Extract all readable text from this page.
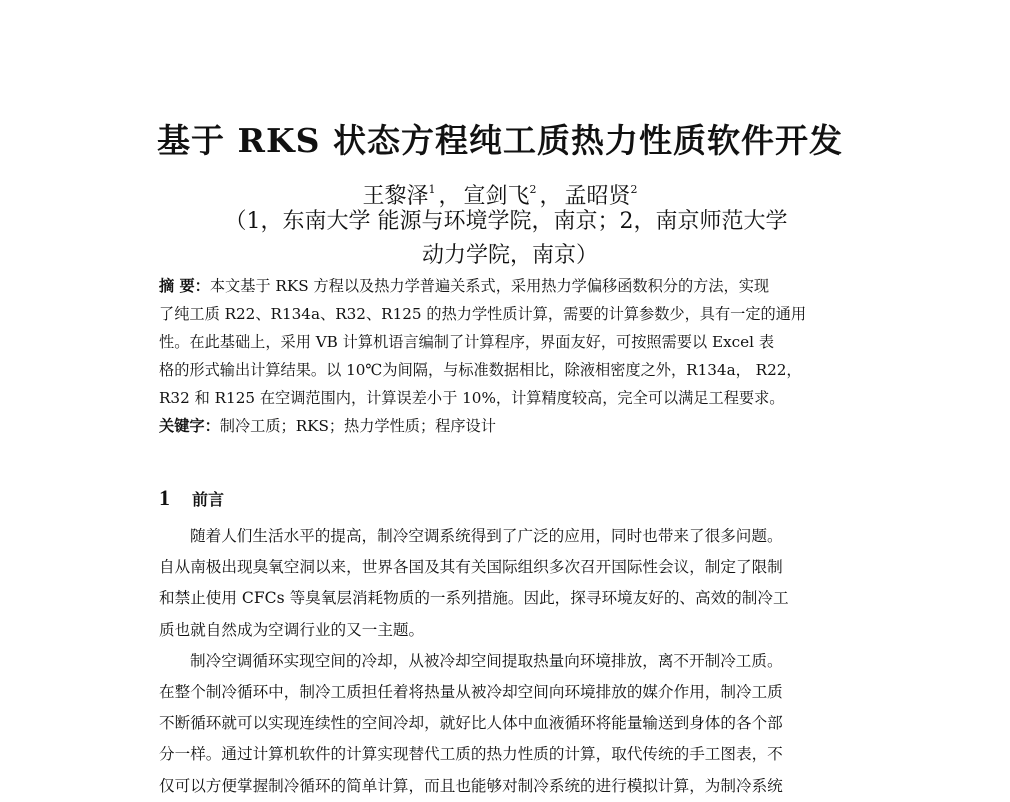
基于 RKS 状态方程纯工质热力性质软件开发
王黎泽$^1$ ， 宣剑飞$^2$ ， 孟昭贤$^2$
（1，东南大学 能源与环境学院，南京；2，南京师范大学
动力学院，南京）
摘 要：本文基于 RKS 方程以及热力学普遍关系式，采用热力学偏移函数积分的方法，实现
了纯工质 R22、R134a、R32、R125 的热力学性质计算，需要的计算参数少，具有一定的通用
性。在此基础上，采用 VB 计算机语言编制了计算程序，界面友好，可按照需要以 Excel 表
格的形式输出计算结果。以 10℃为间隔，与标准数据相比，除液相密度之外，R134a， R22，
R32 和 R125 在空调范围内，计算误差小于 10%，计算精度较高，完全可以满足工程要求。
关键字：制冷工质；RKS；热力学性质；程序设计
1 前言
随着人们生活水平的提高，制冷空调系统得到了广泛的应用，同时也带来了很多问题。
自从南极出现臭氧空洞以来，世界各国及其有关国际组织多次召开国际性会议，制定了限制
和禁止使用 CFCs 等臭氧层消耗物质的一系列措施。因此，探寻环境友好的、高效的制冷工
质也就自然成为空调行业的又一主题。
制冷空调循环实现空间的冷却，从被冷却空间提取热量向环境排放，离不开制冷工质。
在整个制冷循环中，制冷工质担任着将热量从被冷却空间向环境排放的媒介作用，制冷工质
不断循环就可以实现连续性的空间冷却，就好比人体中血液循环将能量输送到身体的各个部
分一样。通过计算机软件的计算实现替代工质的热力性质的计算，取代传统的手工图表，不
仅可以方便掌握制冷循环的简单计算，而且也能够对制冷系统的进行模拟计算，为制冷系统
